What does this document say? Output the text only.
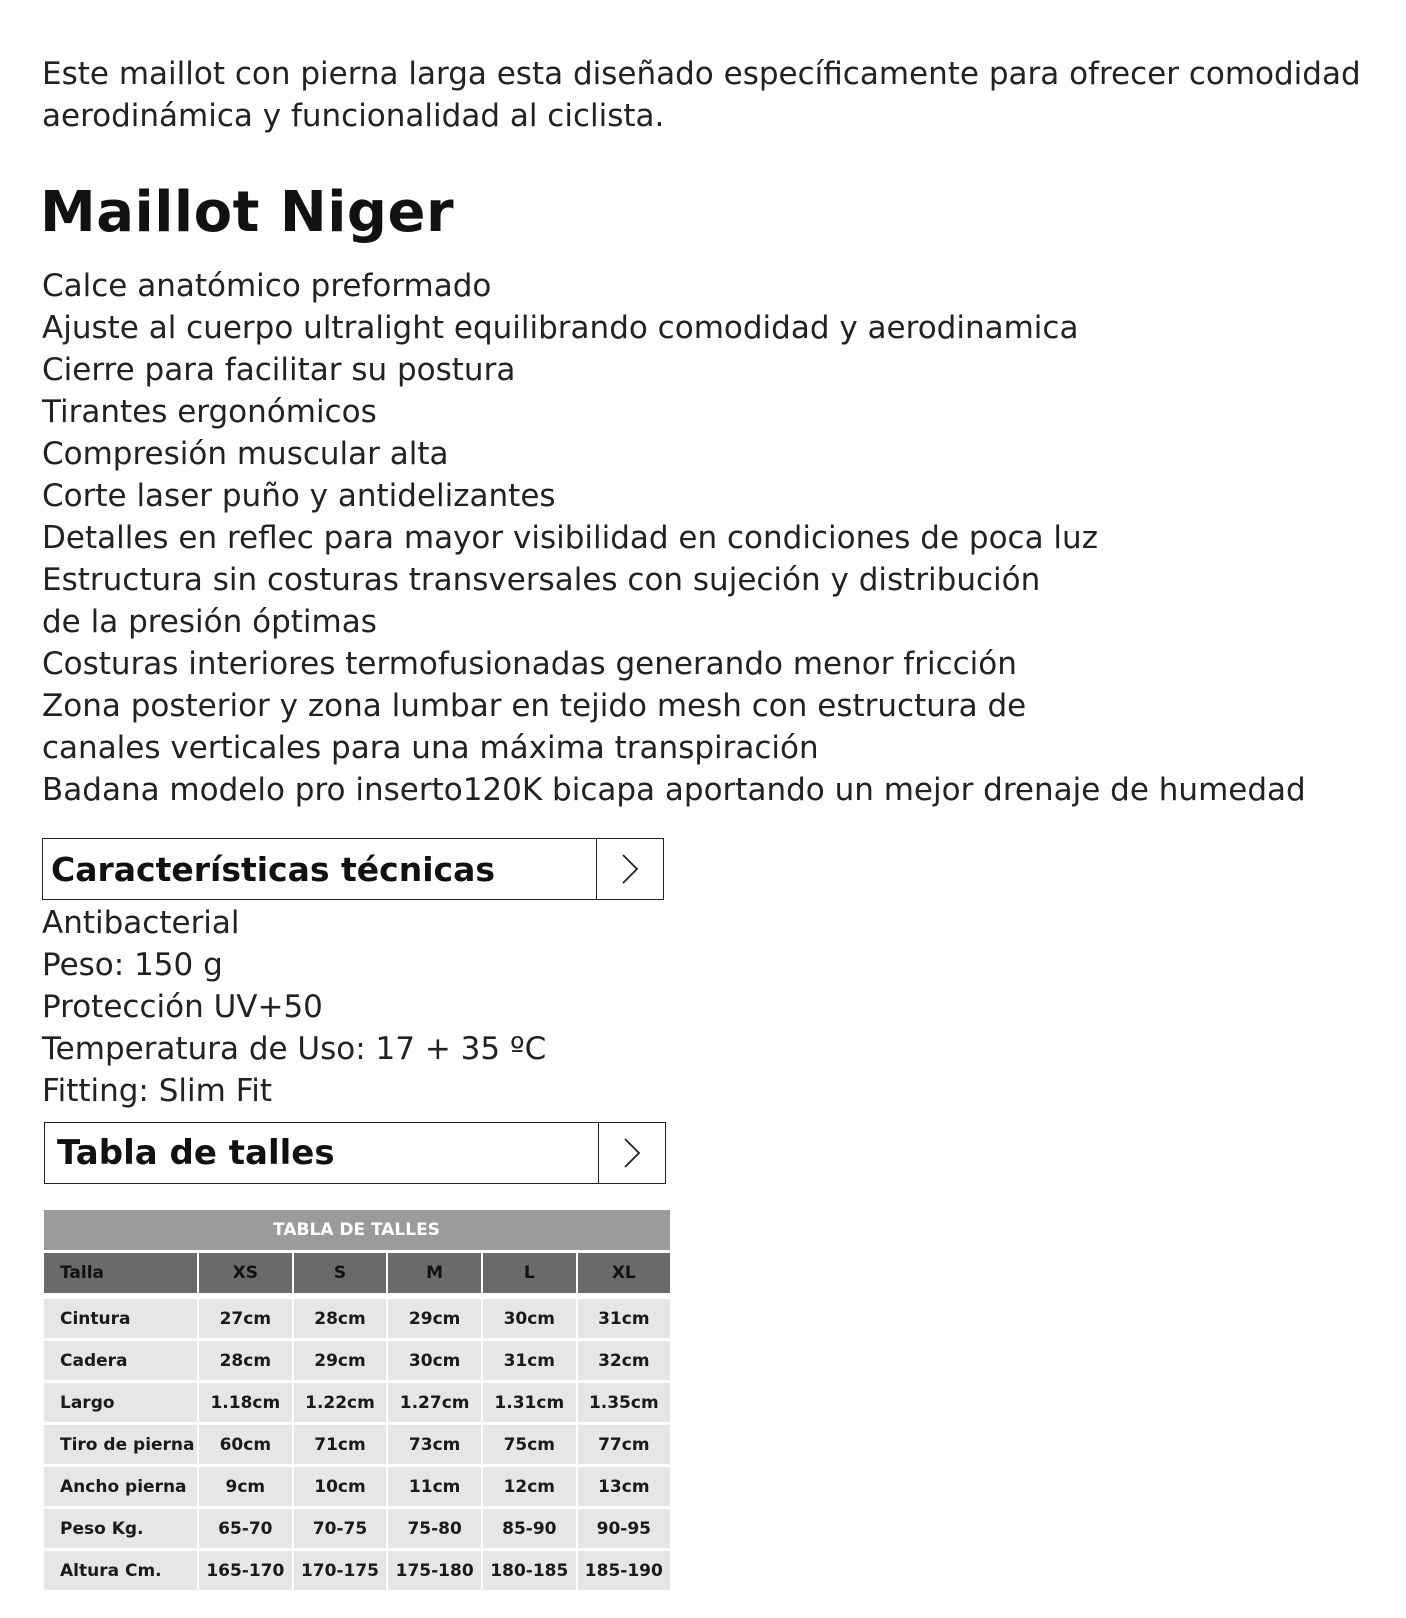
Este maillot con pierna larga esta diseñado específicamente para ofrecer comodidad aerodinámica y funcionalidad al ciclista.

Maillot Niger
Calce anatómico preformado
Ajuste al cuerpo ultralight equilibrando comodidad y aerodinamica
Cierre para facilitar su postura
Tirantes ergonómicos
Compresión muscular alta
Corte laser puño y antidelizantes
Detalles en reflec para mayor visibilidad en condiciones de poca luz
Estructura sin costuras transversales con sujeción y distribución
de la presión óptimas
Costuras interiores termofusionadas generando menor fricción
Zona posterior y zona lumbar en tejido mesh con estructura de
canales verticales para una máxima transpiración
Badana modelo pro inserto120K bicapa aportando un mejor drenaje de humedad
Características técnicas
Antibacterial
Peso: 150 g
Protección UV+50
Temperatura de Uso: 17 + 35 ºC
Fitting: Slim Fit
Tabla de talles
TABLA DE TALLES					
Talla	XS	S	M	L	XL
Cintura	27cm	28cm	29cm	30cm	31cm
Cadera	28cm	29cm	30cm	31cm	32cm
Largo	1.18cm	1.22cm	1.27cm	1.31cm	1.35cm
Tiro de pierna	60cm	71cm	73cm	75cm	77cm
Ancho pierna	9cm	10cm	11cm	12cm	13cm
Peso Kg.	65-70	70-75	75-80	85-90	90-95
Altura Cm.	165-170	170-175	175-180	180-185	185-190
